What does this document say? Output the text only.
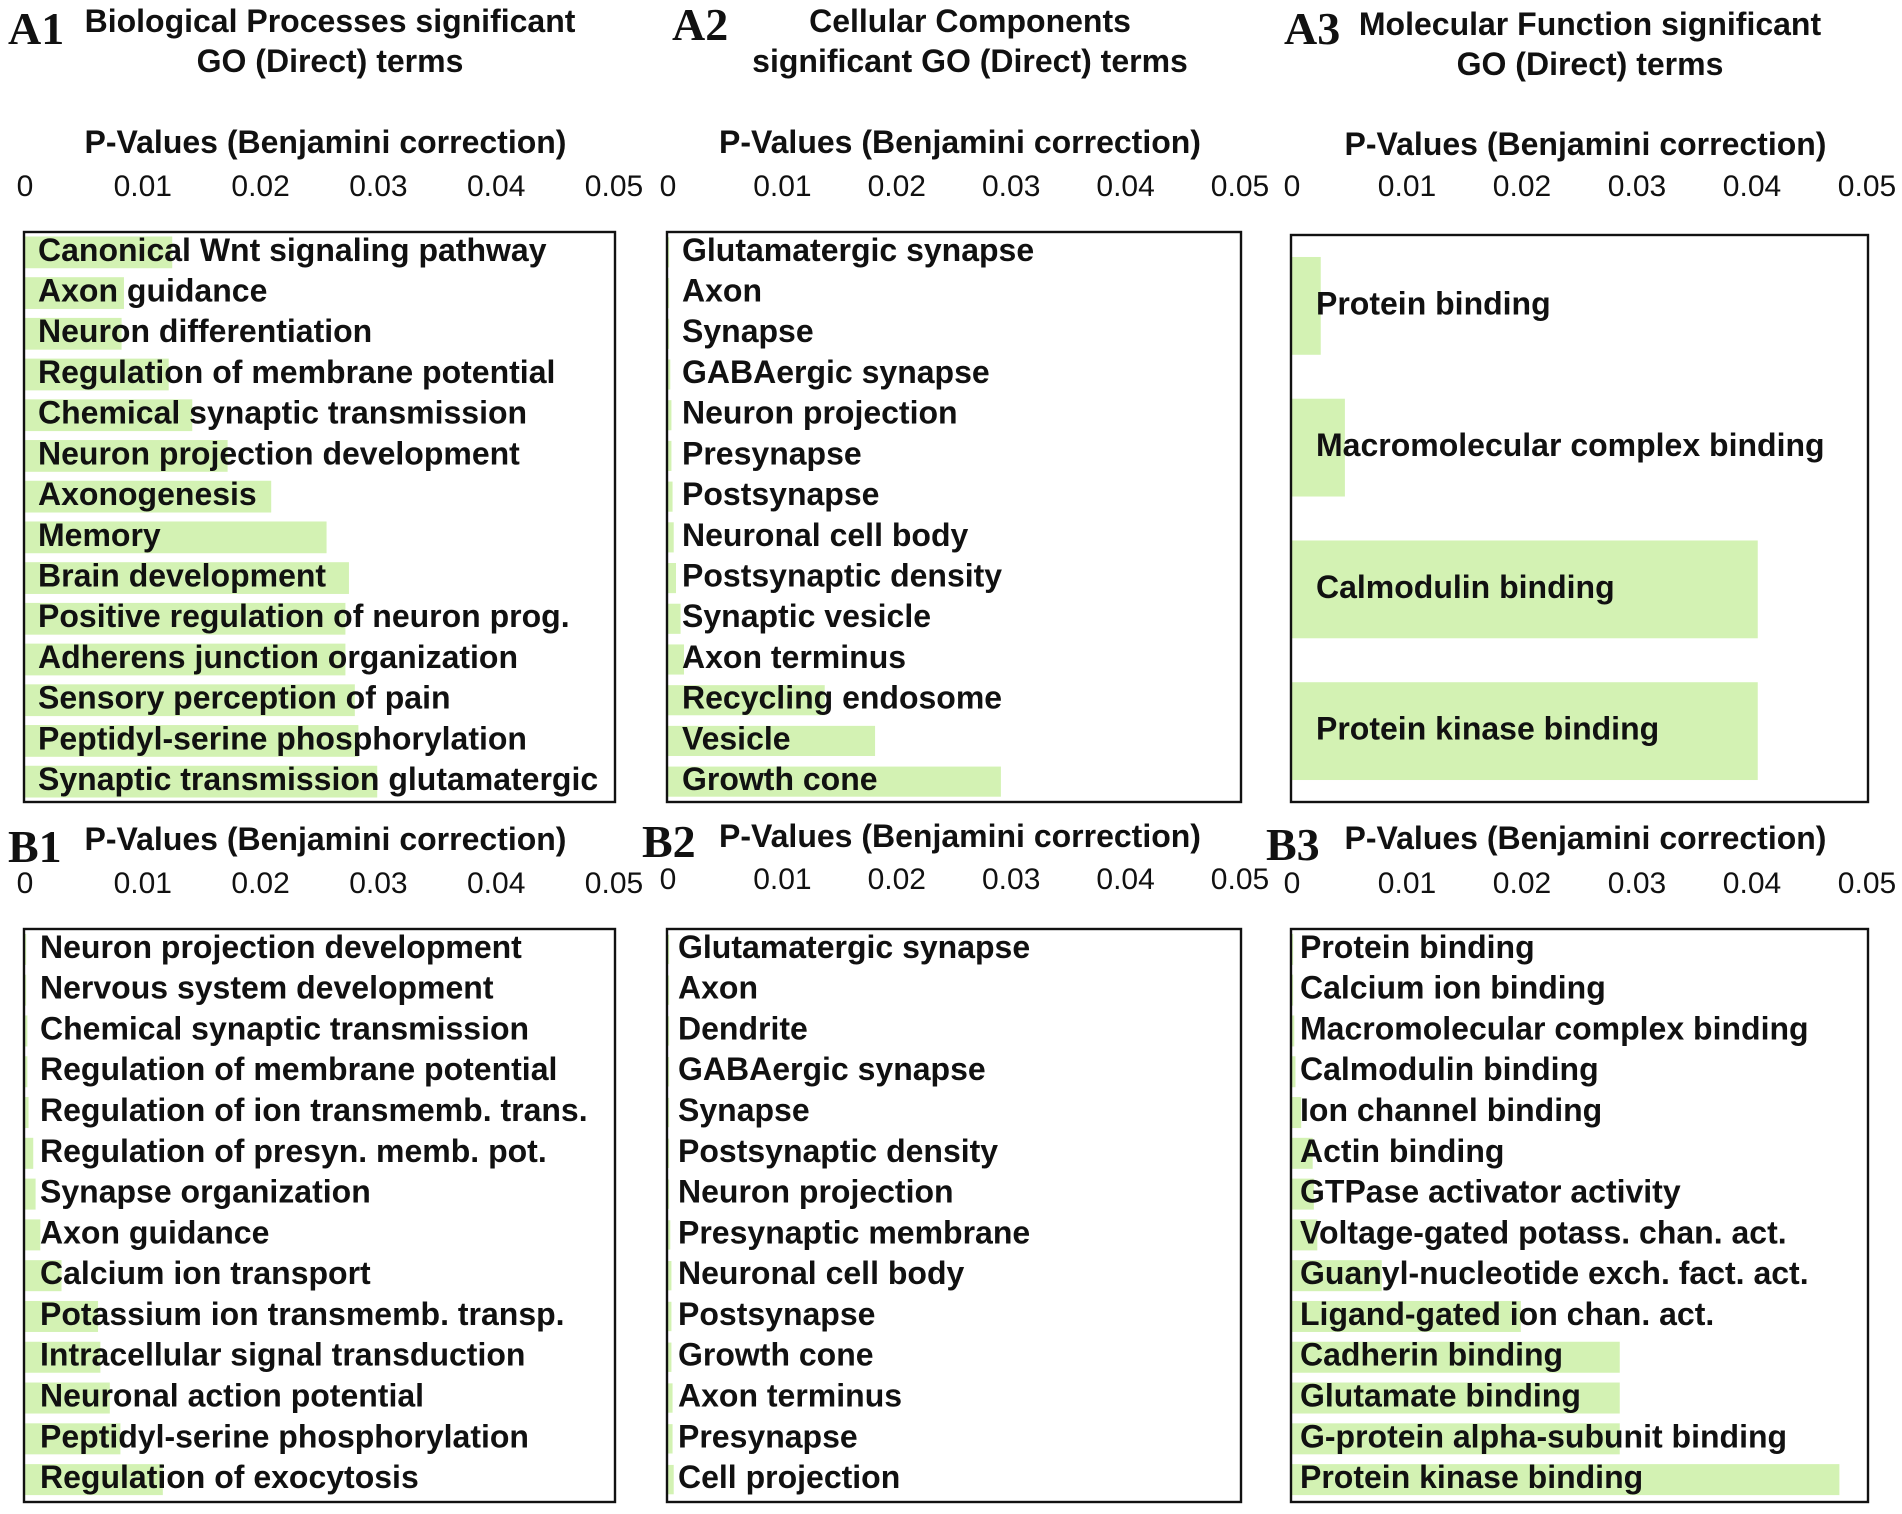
A1 Biological Processes significant
GO (Direct) terms
P-Values (Benjamini correction)
0	0.01 0.02 0.03 0.04 0.05
Canonical Wnt signaling pathway
Axon guidance
Neuron differentiation
Regulation of membrane potential
Chemical synaptic transmission
Neuron projection development
Axonogenesis
Memory
Brain development
Positive regulation of neuron prog.
Adherens junction organization
Sensory perception of pain
Peptidyl-serine phosphorylation
Synaptic transmission glutamatergic
A2	Cellular Components
significant GO (Direct) terms
P-Values (Benjamini correction)
0	0.01 0.02 0.03 0.04 0.05
Glutamatergic synapse
Axon
Synapse
GABAergic synapse
Neuron projection
Presynapse
Postsynapse
Neuronal cell body
Postsynaptic density
Synaptic vesicle
Axon terminus
Recycling endosome
Vesicle
Growth cone
A3 Molecular Function significant
GO (Direct) terms
P-Values (Benjamini correction)
0	0.01 0.02 0.03 0.04 0.05
Protein binding
Macromolecular complex binding
Calmodulin binding
Protein kinase binding
B1 P-Values (Benjamini correction)
0	0.01 0.02 0.03 0.04 0.05
Neuron projection development
Nervous system development
Chemical synaptic transmission
Regulation of membrane potential
Regulation of ion transmemb. trans.
Regulation of presyn. memb. pot.
Synapse organization
Axon guidance
Calcium ion transport
Potassium ion transmemb. transp.
Intracellular signal transduction
Neuronal action potential
Peptidyl-serine phosphorylation
Regulation of exocytosis
B2 P-Values (Benjamini correction)
0	0.01 0.02 0.03 0.04 0.05
Glutamatergic synapse
Axon
Dendrite
GABAergic synapse
Synapse
Postsynaptic density
Neuron projection
Presynaptic membrane
Neuronal cell body
Postsynapse
Growth cone
Axon terminus
Presynapse
Cell projection
B3 P-Values (Benjamini correction)
0	0.01 0.02 0.03 0.04 0.05
Protein binding
Calcium ion binding
Macromolecular complex binding
Calmodulin binding
Ion channel binding
Actin binding
GTPase activator activity
Voltage-gated potass. chan. act.
Guanyl-nucleotide exch. fact. act.
Ligand-gated ion chan. act.
Cadherin binding
Glutamate binding
G-protein alpha-subunit binding
Protein kinase binding
